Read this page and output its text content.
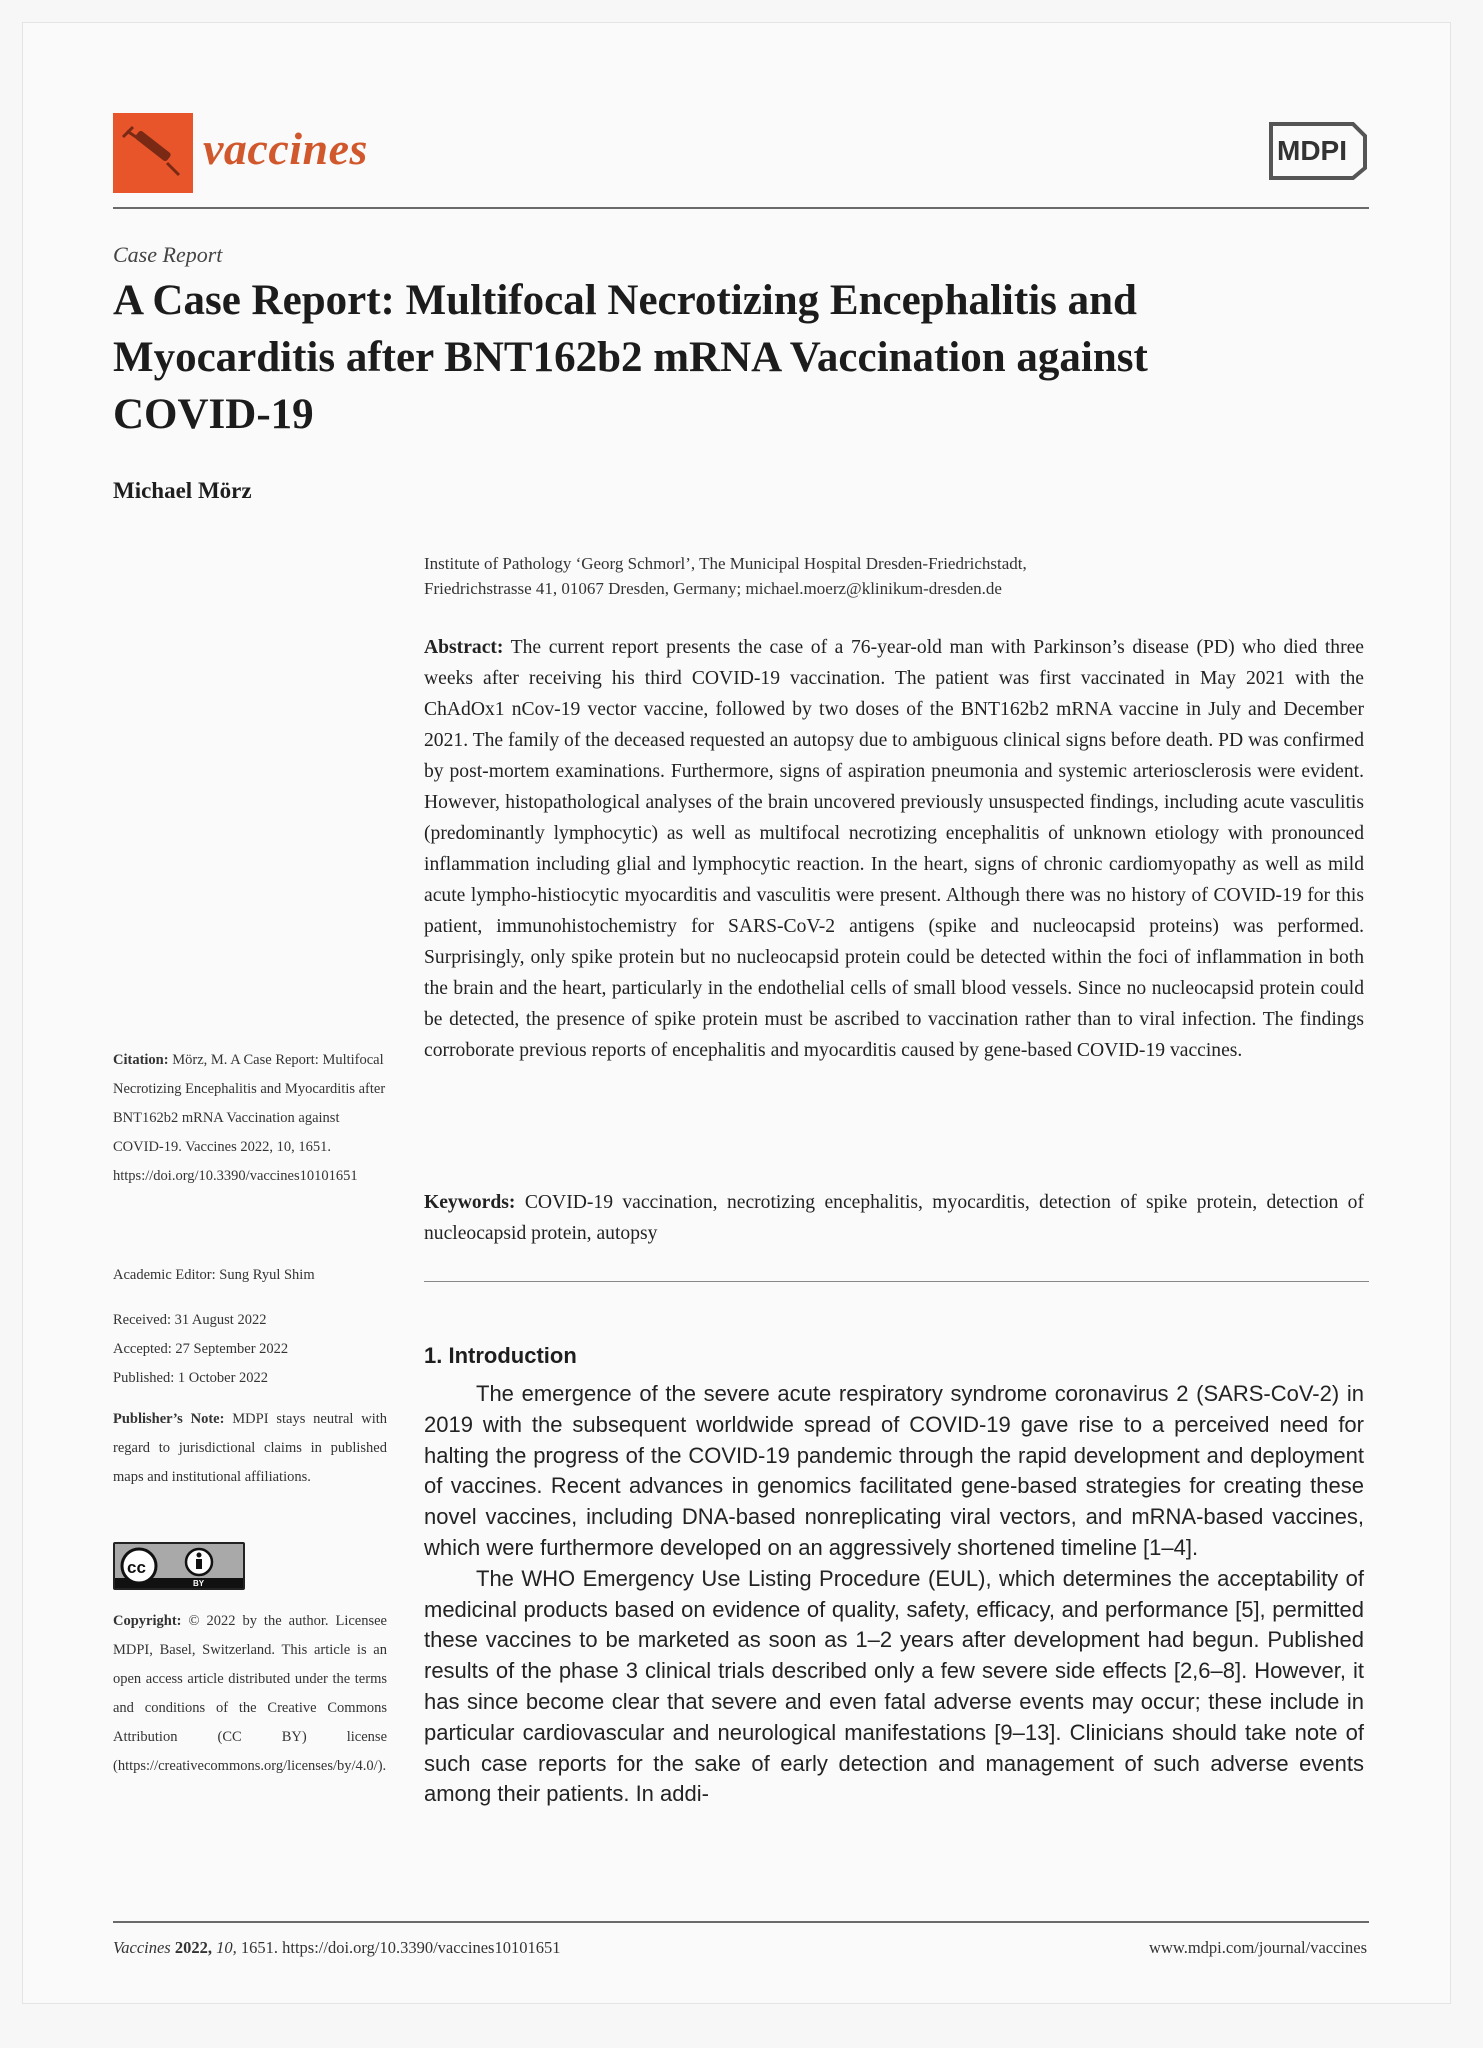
vaccines	MDPI
Case Report
A Case Report: Multifocal Necrotizing Encephalitis and Myocarditis after BNT162b2 mRNA Vaccination against COVID-19
Michael Mörz
Institute of Pathology ‘Georg Schmorl’, The Municipal Hospital Dresden-Friedrichstadt,
Friedrichstrasse 41, 01067 Dresden, Germany; michael.moerz@klinikum-dresden.de
Abstract: The current report presents the case of a 76-year-old man with Parkinson’s disease (PD) who died three weeks after receiving his third COVID-19 vaccination. The patient was first vaccinated in May 2021 with the ChAdOx1 nCov-19 vector vaccine, followed by two doses of the BNT162b2 mRNA vaccine in July and December 2021. The family of the deceased requested an autopsy due to ambiguous clinical signs before death. PD was confirmed by post-mortem examinations. Furthermore, signs of aspiration pneumonia and systemic arteriosclerosis were evident. However, histopathological analyses of the brain uncovered previously unsuspected findings, including acute vasculitis (predominantly lymphocytic) as well as multifocal necrotizing encephalitis of unknown etiology with pronounced inflammation including glial and lymphocytic reaction. In the heart, signs of chronic cardiomyopathy as well as mild acute lympho-histiocytic myocarditis and vasculitis were present. Although there was no history of COVID-19 for this patient, immunohistochemistry for SARS-CoV-2 antigens (spike and nucleocapsid proteins) was performed. Surprisingly, only spike protein but no nucleocapsid protein could be detected within the foci of inflammation in both the brain and the heart, particularly in the endothelial cells of small blood vessels. Since no nucleocapsid protein could be detected, the presence of spike protein must be ascribed to vaccination rather than to viral infection. The findings corroborate previous reports of encephalitis and myocarditis caused by gene-based COVID-19 vaccines.
Keywords: COVID-19 vaccination, necrotizing encephalitis, myocarditis, detection of spike protein, detection of nucleocapsid protein, autopsy
1. Introduction

The emergence of the severe acute respiratory syndrome coronavirus 2 (SARS-CoV-2) in 2019 with the subsequent worldwide spread of COVID-19 gave rise to a perceived need for halting the progress of the COVID-19 pandemic through the rapid development and deployment of vaccines. Recent advances in genomics facilitated gene-based strategies for creating these novel vaccines, including DNA-based nonreplicating viral vectors, and mRNA-based vaccines, which were furthermore developed on an aggressively shortened timeline [1–4].

The WHO Emergency Use Listing Procedure (EUL), which determines the acceptability of medicinal products based on evidence of quality, safety, efficacy, and performance [5], permitted these vaccines to be marketed as soon as 1–2 years after development had begun. Published results of the phase 3 clinical trials described only a few severe side effects [2,6–8]. However, it has since become clear that severe and even fatal adverse events may occur; these include in particular cardiovascular and neurological manifestations [9–13]. Clinicians should take note of such case reports for the sake of early detection and management of such adverse events among their patients. In addi-

Citation: Mörz, M. A Case Report: Multifocal Necrotizing Encephalitis and Myocarditis after BNT162b2 mRNA Vaccination against COVID-19. Vaccines 2022, 10, 1651. https://doi.org/10.3390/vaccines10101651
Academic Editor: Sung Ryul Shim
Received: 31 August 2022
Accepted: 27 September 2022
Published: 1 October 2022
Publisher’s Note: MDPI stays neutral with regard to jurisdictional claims in published maps and institutional affiliations.
cc
BY
Copyright: © 2022 by the author. Licensee MDPI, Basel, Switzerland. This article is an open access article distributed under the terms and conditions of the Creative Commons Attribution (CC BY) license (https://creativecommons.org/licenses/by/4.0/).
Vaccines 2022, 10, 1651. https://doi.org/10.3390/vaccines10101651	www.mdpi.com/journal/vaccines
